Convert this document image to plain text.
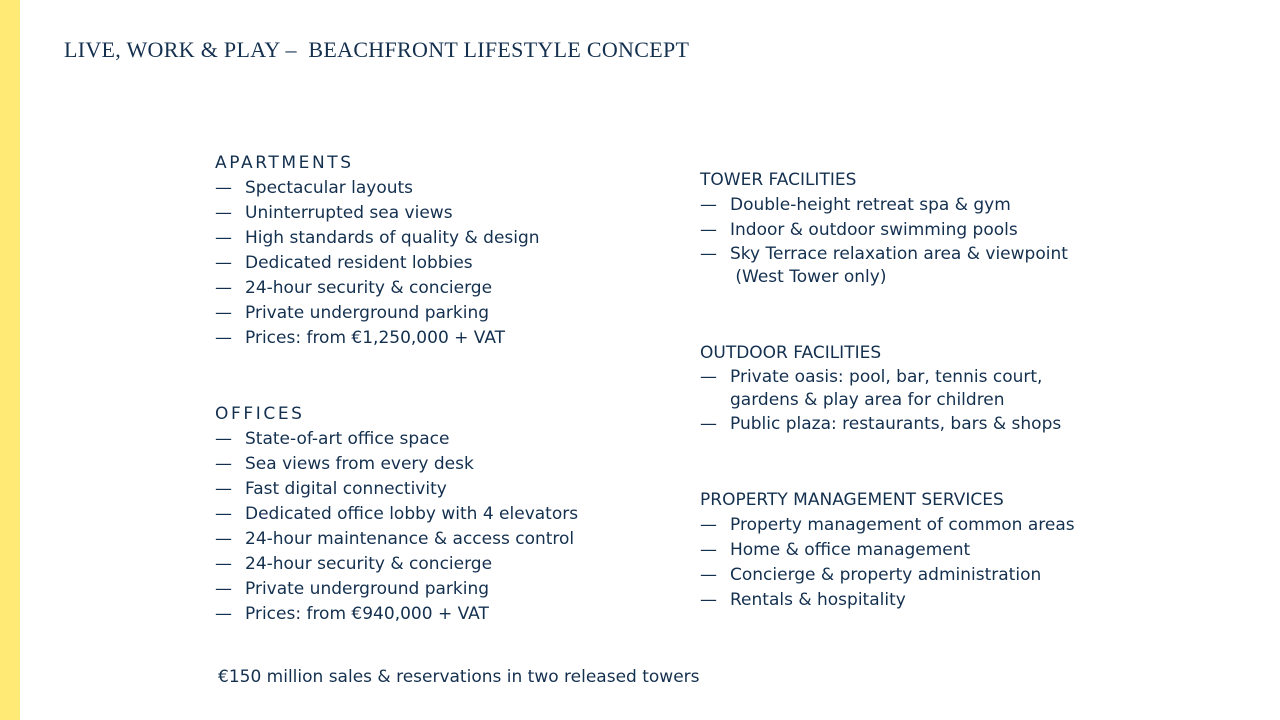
LIVE, WORK & PLAY –  BEACHFRONT LIFESTYLE CONCEPT
APARTMENTS
— Spectacular layouts
— Uninterrupted sea views
— High standards of quality & design
— Dedicated resident lobbies
— 24-hour security & concierge
— Private underground parking
— Prices: from €1,250,000 + VAT
OFFICES
— State-of-art office space
— Sea views from every desk
— Fast digital connectivity
— Dedicated office lobby with 4 elevators
— 24-hour maintenance & access control
— 24-hour security & concierge
— Private underground parking
— Prices: from €940,000 + VAT
TOWER FACILITIES
— Double-height retreat spa & gym
— Indoor & outdoor swimming pools
— Sky Terrace relaxation area & viewpoint
(West Tower only)
OUTDOOR FACILITIES
— Private oasis: pool, bar, tennis court,
gardens & play area for children
— Public plaza: restaurants, bars & shops
PROPERTY MANAGEMENT SERVICES
— Property management of common areas
— Home & office management
— Concierge & property administration
— Rentals & hospitality
€150 million sales & reservations in two released towers
